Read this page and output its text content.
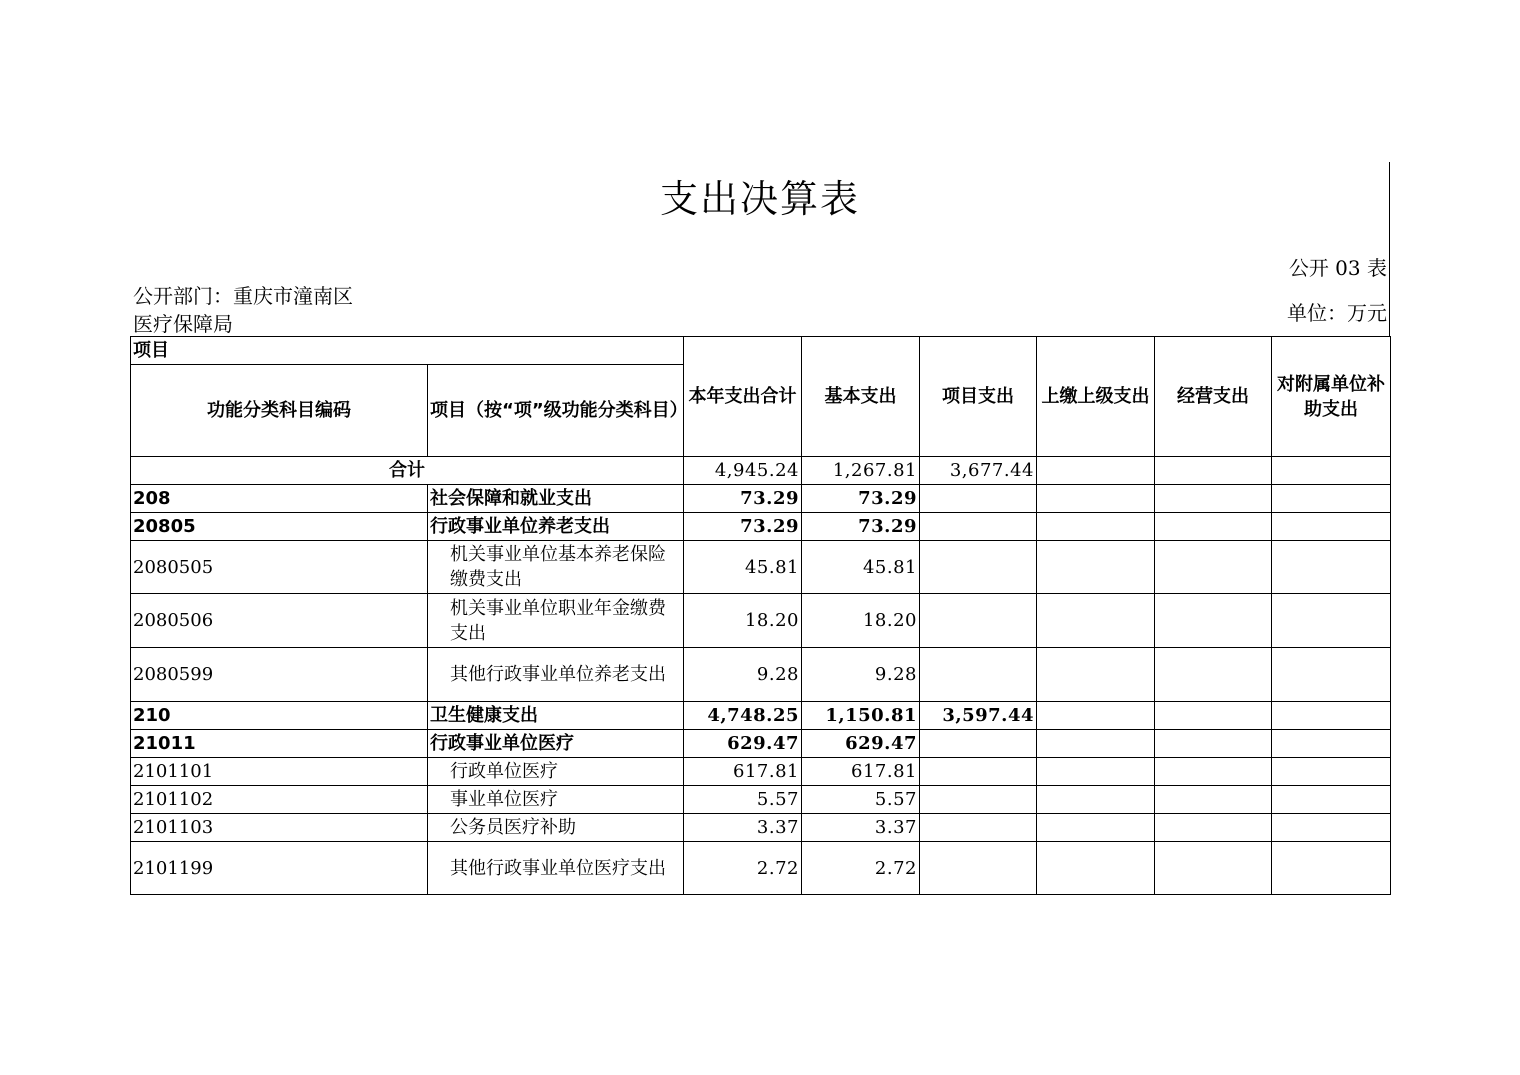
支出决算表
公开 03 表
公开部门：重庆市潼南区
医疗保障局	单位：万元
项目		本年支出合计	基本支出	项目支出	上缴上级支出	经营支出	对附属单位补助支出
功能分类科目编码	项目（按“项”级功能分类科目）						
合计		4,945.24	1,267.81	3,677.44			
208	社会保障和就业支出	73.29	73.29				
20805	行政事业单位养老支出	73.29	73.29				
2080505	机关事业单位基本养老保险缴费支出	45.81	45.81				
2080506	机关事业单位职业年金缴费支出	18.20	18.20				
2080599	其他行政事业单位养老支出	9.28	9.28				
210	卫生健康支出	4,748.25	1,150.81	3,597.44			
21011	行政事业单位医疗	629.47	629.47				
2101101	行政单位医疗	617.81	617.81				
2101102	事业单位医疗	5.57	5.57				
2101103	公务员医疗补助	3.37	3.37				
2101199	其他行政事业单位医疗支出	2.72	2.72				
